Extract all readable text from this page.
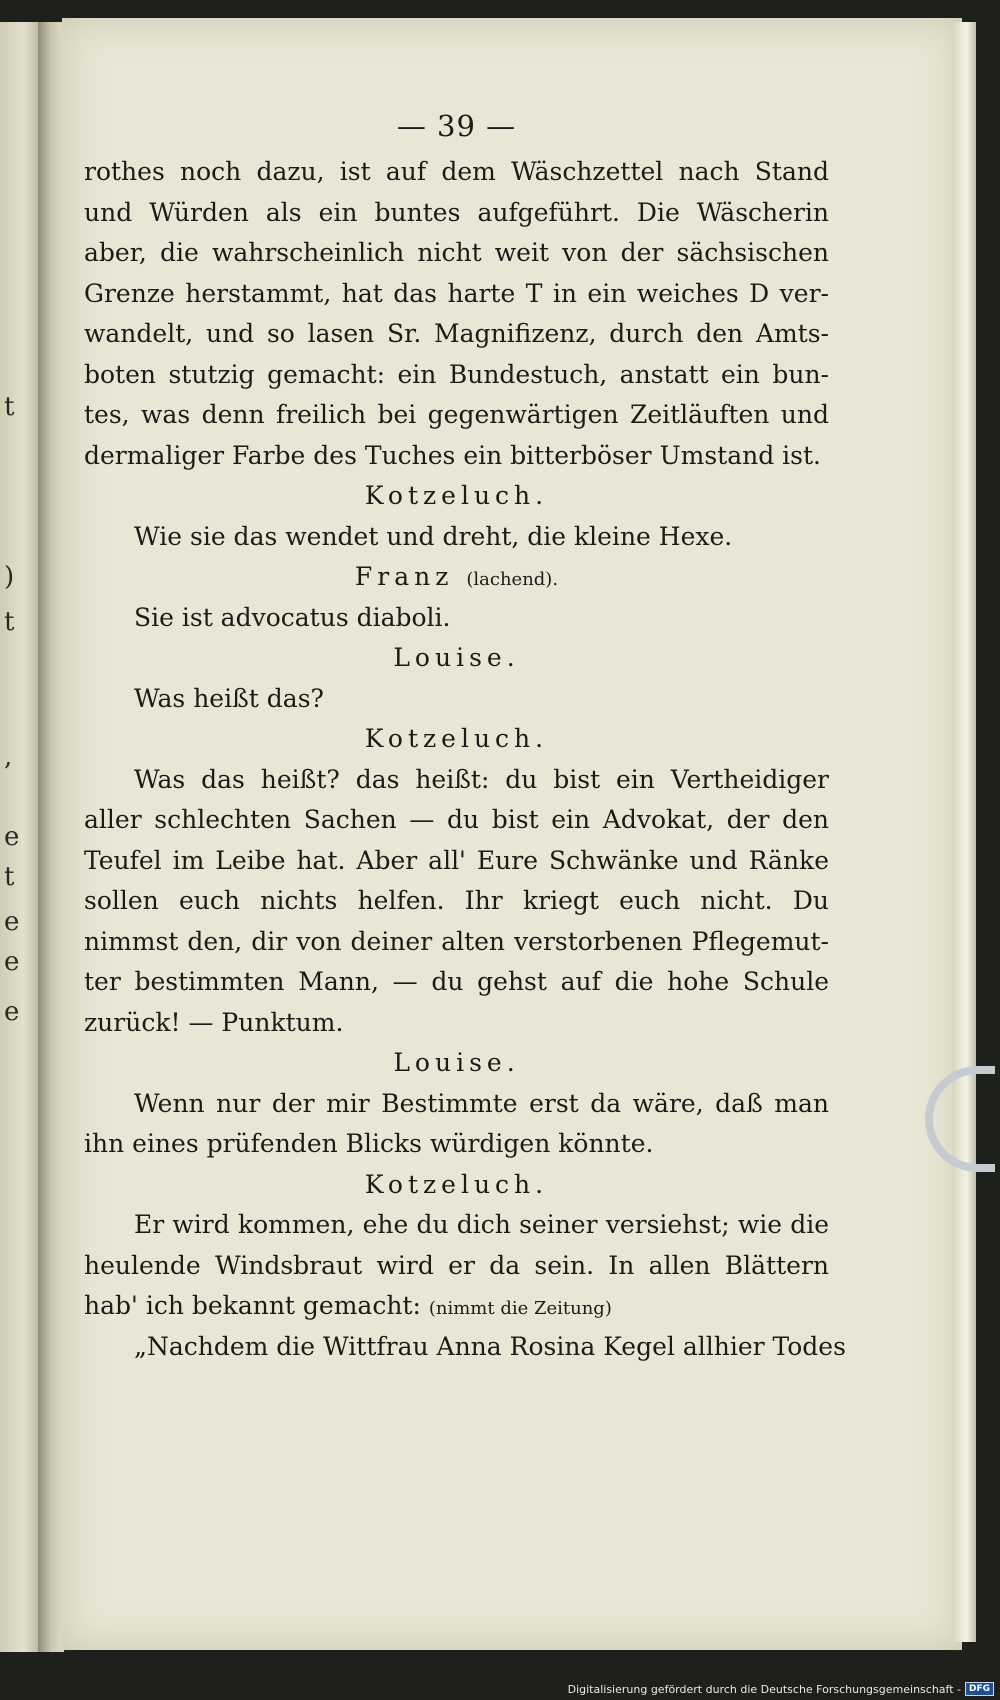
t
)
t
,
e
t
e
e
e
— 39 —
rothes noch dazu, ist auf dem Wäschzettel nach Stand
und Würden als ein buntes aufgeführt. Die Wäscherin
aber, die wahrscheinlich nicht weit von der sächsischen
Grenze herstammt, hat das harte T in ein weiches D ver-
wandelt, und so lasen Sr. Magnifizenz, durch den Amts-
boten stutzig gemacht: ein Bundestuch, anstatt ein bun-
tes, was denn freilich bei gegenwärtigen Zeitläuften und
dermaliger Farbe des Tuches ein bitterböser Umstand ist.
Kotzeluch.
Wie sie das wendet und dreht, die kleine Hexe.
Franz (lachend).
Sie ist advocatus diaboli.
Louise.
Was heißt das?
Kotzeluch.
Was das heißt? das heißt: du bist ein Vertheidiger
aller schlechten Sachen — du bist ein Advokat, der den
Teufel im Leibe hat. Aber all' Eure Schwänke und Ränke
sollen euch nichts helfen. Ihr kriegt euch nicht. Du
nimmst den, dir von deiner alten verstorbenen Pflegemut-
ter bestimmten Mann, — du gehst auf die hohe Schule
zurück! — Punktum.
Louise.
Wenn nur der mir Bestimmte erst da wäre, daß man
ihn eines prüfenden Blicks würdigen könnte.
Kotzeluch.
Er wird kommen, ehe du dich seiner versiehst; wie die
heulende Windsbraut wird er da sein. In allen Blättern
hab' ich bekannt gemacht: (nimmt die Zeitung)
„Nachdem die Wittfrau Anna Rosina Kegel allhier Todes
Digitalisierung gefördert durch die Deutsche Forschungsgemeinschaft - DFG
